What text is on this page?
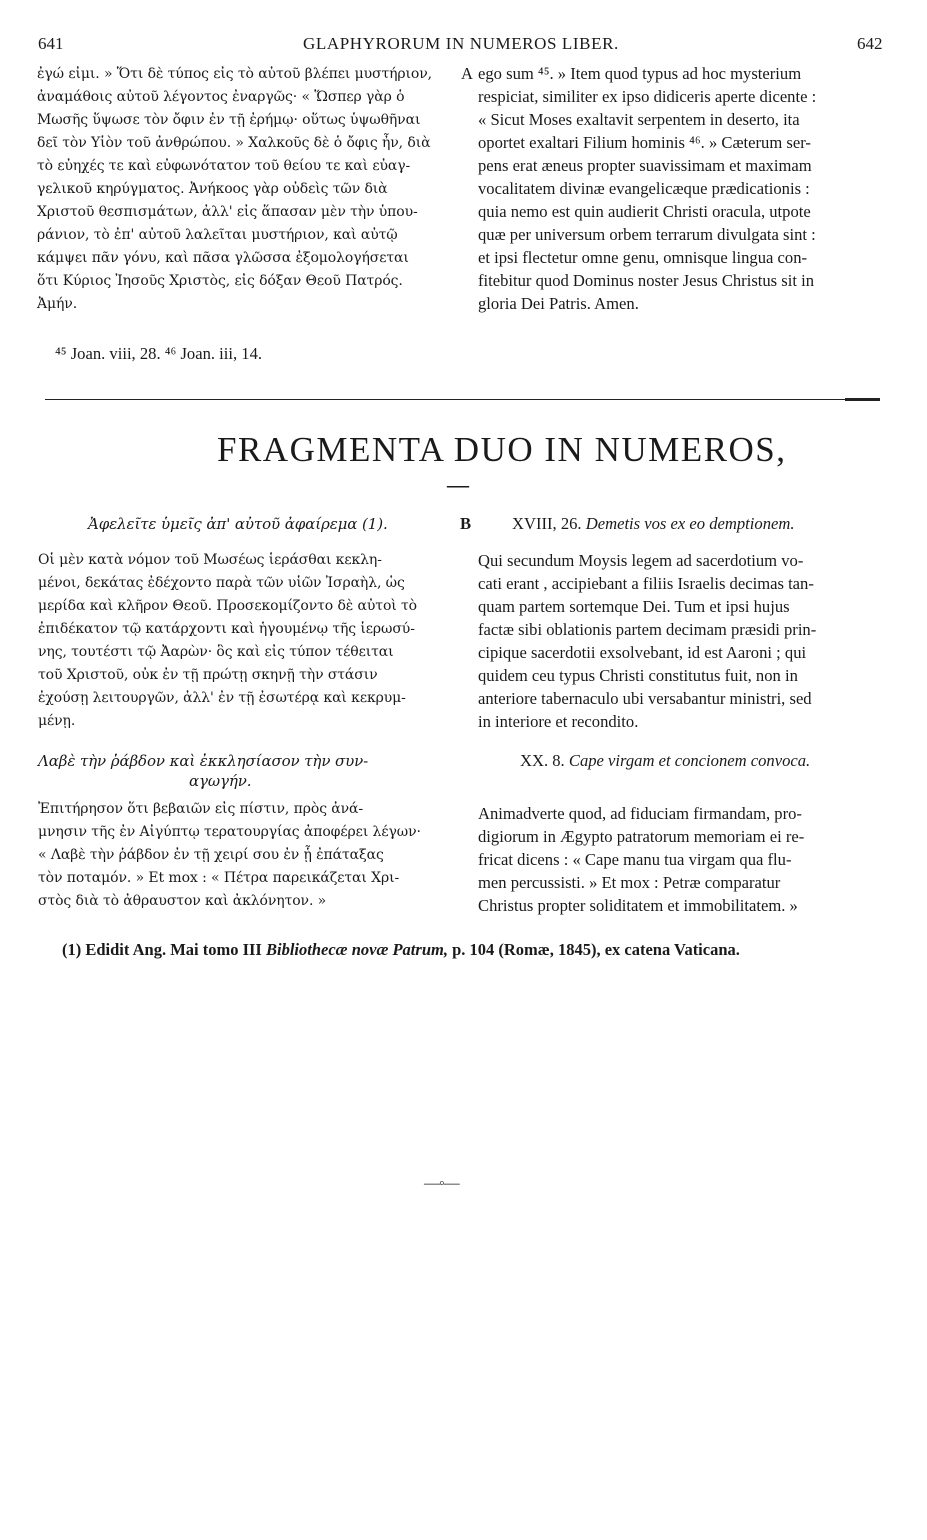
641	GLAPHYRORUM IN NUMEROS LIBER.	642
ἐγώ εἰμι. » Ὅτι δὲ τύπος εἰς τὸ αὐτοῦ βλέπει μυστήριον,
ἀναμάθοις αὐτοῦ λέγοντος ἐναργῶς· « Ὥσπερ γὰρ ὁ
Μωσῆς ὕψωσε τὸν ὄφιν ἐν τῇ ἐρήμῳ· οὕτως ὑψωθῆναι
δεῖ τὸν Υἱὸν τοῦ ἀνθρώπου. » Χαλκοῦς δὲ ὁ ὄφις ἦν, διὰ
τὸ εὐηχές τε καὶ εὐφωνότατον τοῦ θείου τε καὶ εὐαγ-
γελικοῦ κηρύγματος. Ἀνήκοος γὰρ οὐδεὶς τῶν διὰ
Χριστοῦ θεσπισμάτων, ἀλλ' εἰς ἅπασαν μὲν τὴν ὑπου-
ράνιον, τὸ ἐπ' αὐτοῦ λαλεῖται μυστήριον, καὶ αὐτῷ
κάμψει πᾶν γόνυ, καὶ πᾶσα γλῶσσα ἐξομολογήσεται
ὅτι Κύριος Ἰησοῦς Χριστὸς, εἰς δόξαν Θεοῦ Πατρός.
Ἀμήν.
A ego sum ⁴⁵. » Item quod typus ad hoc mysterium
respiciat, similiter ex ipso didiceris aperte dicente :
« Sicut Moses exaltavit serpentem in deserto, ita
oportet exaltari Filium hominis ⁴⁶. » Cæterum ser-
pens erat æneus propter suavissimam et maximam
vocalitatem divinæ evangelicæque prædicationis :
quia nemo est quin audierit Christi oracula, utpote
quæ per universum orbem terrarum divulgata sint :
et ipsi flectetur omne genu, omnisque lingua con-
fitebitur quod Dominus noster Jesus Christus sit in
gloria Dei Patris. Amen.
⁴⁵ Joan. viii, 28. ⁴⁶ Joan. iii, 14.
FRAGMENTA DUO IN NUMEROS,
—
Ἀφελεῖτε ὑμεῖς ἀπ' αὐτοῦ ἀφαίρεμα (1).	B XVIII, 26. Demetis vos ex eo demptionem.
Οἱ μὲν κατὰ νόμον τοῦ Μωσέως ἱεράσθαι κεκλη-
μένοι, δεκάτας ἐδέχοντο παρὰ τῶν υἱῶν Ἰσραὴλ, ὡς
μερίδα καὶ κλῆρον Θεοῦ. Προσεκομίζοντο δὲ αὐτοὶ τὸ
ἐπιδέκατον τῷ κατάρχοντι καὶ ἡγουμένῳ τῆς ἱερωσύ-
νης, τουτέστι τῷ Ἀαρὼν· ὃς καὶ εἰς τύπον τέθειται
τοῦ Χριστοῦ, οὐκ ἐν τῇ πρώτῃ σκηνῇ τὴν στάσιν
ἐχούσῃ λειτουργῶν, ἀλλ' ἐν τῇ ἐσωτέρᾳ καὶ κεκρυμ-
μένῃ.
Qui secundum Moysis legem ad sacerdotium vo-
cati erant , accipiebant a filiis Israelis decimas tan-
quam partem sortemque Dei. Tum et ipsi hujus
factæ sibi oblationis partem decimam præsidi prin-
cipique sacerdotii exsolvebant, id est Aaroni ; qui
quidem ceu typus Christi constitutus fuit, non in
anteriore tabernaculo ubi versabantur ministri, sed
in interiore et recondito.
Λαβὲ τὴν ῥάβδον καὶ ἐκκλησίασον τὴν συν-
αγωγήν.
XX. 8. Cape virgam et concionem convoca.
Ἐπιτήρησον ὅτι βεβαιῶν εἰς πίστιν, πρὸς ἀνά-
μνησιν τῆς ἐν Αἰγύπτῳ τερατουργίας ἀποφέρει λέγων·
« Λαβὲ τὴν ῥάβδον ἐν τῇ χειρί σου ἐν ᾗ ἐπάταξας
τὸν ποταμόν. » Et mox : « Πέτρα παρεικάζεται Χρι-
στὸς διὰ τὸ ἀθραυστον καὶ ἀκλόνητον. »
Animadverte quod, ad fiduciam firmandam, pro-
digiorum in Ægypto patratorum memoriam ei re-
fricat dicens : « Cape manu tua virgam qua flu-
men percussisti. » Et mox : Petræ comparatur
Christus propter soliditatem et immobilitatem. »
(1) Edidit Ang. Mai tomo III Bibliothecæ novæ Patrum, p. 104 (Romæ, 1845), ex catena Vaticana.
—◦—
